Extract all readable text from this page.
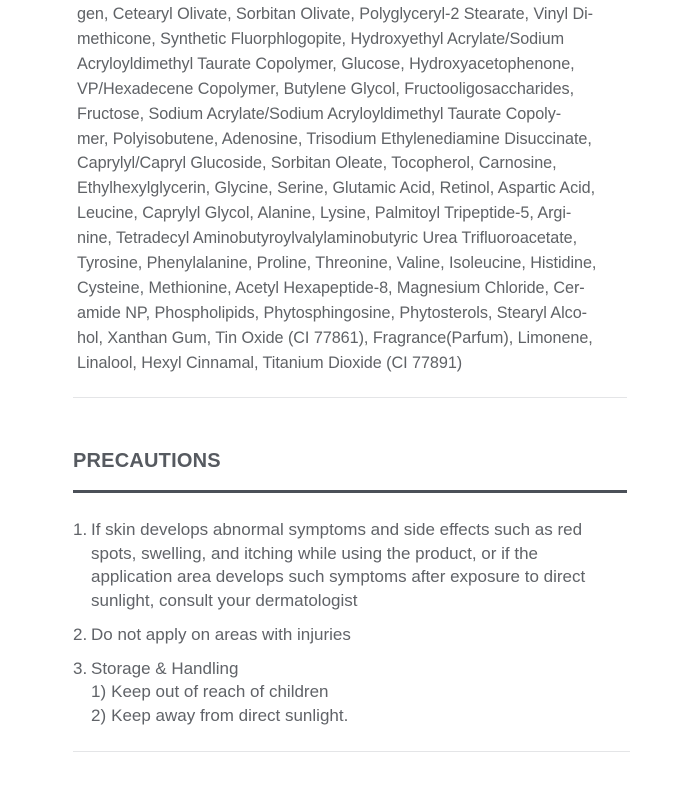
gen, Cetearyl Olivate, Sorbitan Olivate, Polyglyceryl-2 Stearate, Vinyl Di-
methicone, Synthetic Fluorphlogopite, Hydroxyethyl Acrylate/Sodium
Acryloyldimethyl Taurate Copolymer, Glucose, Hydroxyacetophenone,
VP/Hexadecene Copolymer, Butylene Glycol, Fructooligosaccharides,
Fructose, Sodium Acrylate/Sodium Acryloyldimethyl Taurate Copoly-
mer, Polyisobutene, Adenosine, Trisodium Ethylenediamine Disuccinate,
Caprylyl/Capryl Glucoside, Sorbitan Oleate, Tocopherol, Carnosine,
Ethylhexylglycerin, Glycine, Serine, Glutamic Acid, Retinol, Aspartic Acid,
Leucine, Caprylyl Glycol, Alanine, Lysine, Palmitoyl Tripeptide-5, Argi-
nine, Tetradecyl Aminobutyroylvalylaminobutyric Urea Trifluoroacetate,
Tyrosine, Phenylalanine, Proline, Threonine, Valine, Isoleucine, Histidine,
Cysteine, Methionine, Acetyl Hexapeptide-8, Magnesium Chloride, Cer-
amide NP, Phospholipids, Phytosphingosine, Phytosterols, Stearyl Alco-
hol, Xanthan Gum, Tin Oxide (CI 77861), Fragrance(Parfum), Limonene,
Linalool, Hexyl Cinnamal, Titanium Dioxide (CI 77891)
PRECAUTIONS
1. If skin develops abnormal symptoms and side effects such as red
spots, swelling, and itching while using the product, or if the
application area develops such symptoms after exposure to direct
sunlight, consult your dermatologist
2. Do not apply on areas with injuries
3. Storage & Handling
1) Keep out of reach of children
2) Keep away from direct sunlight.
